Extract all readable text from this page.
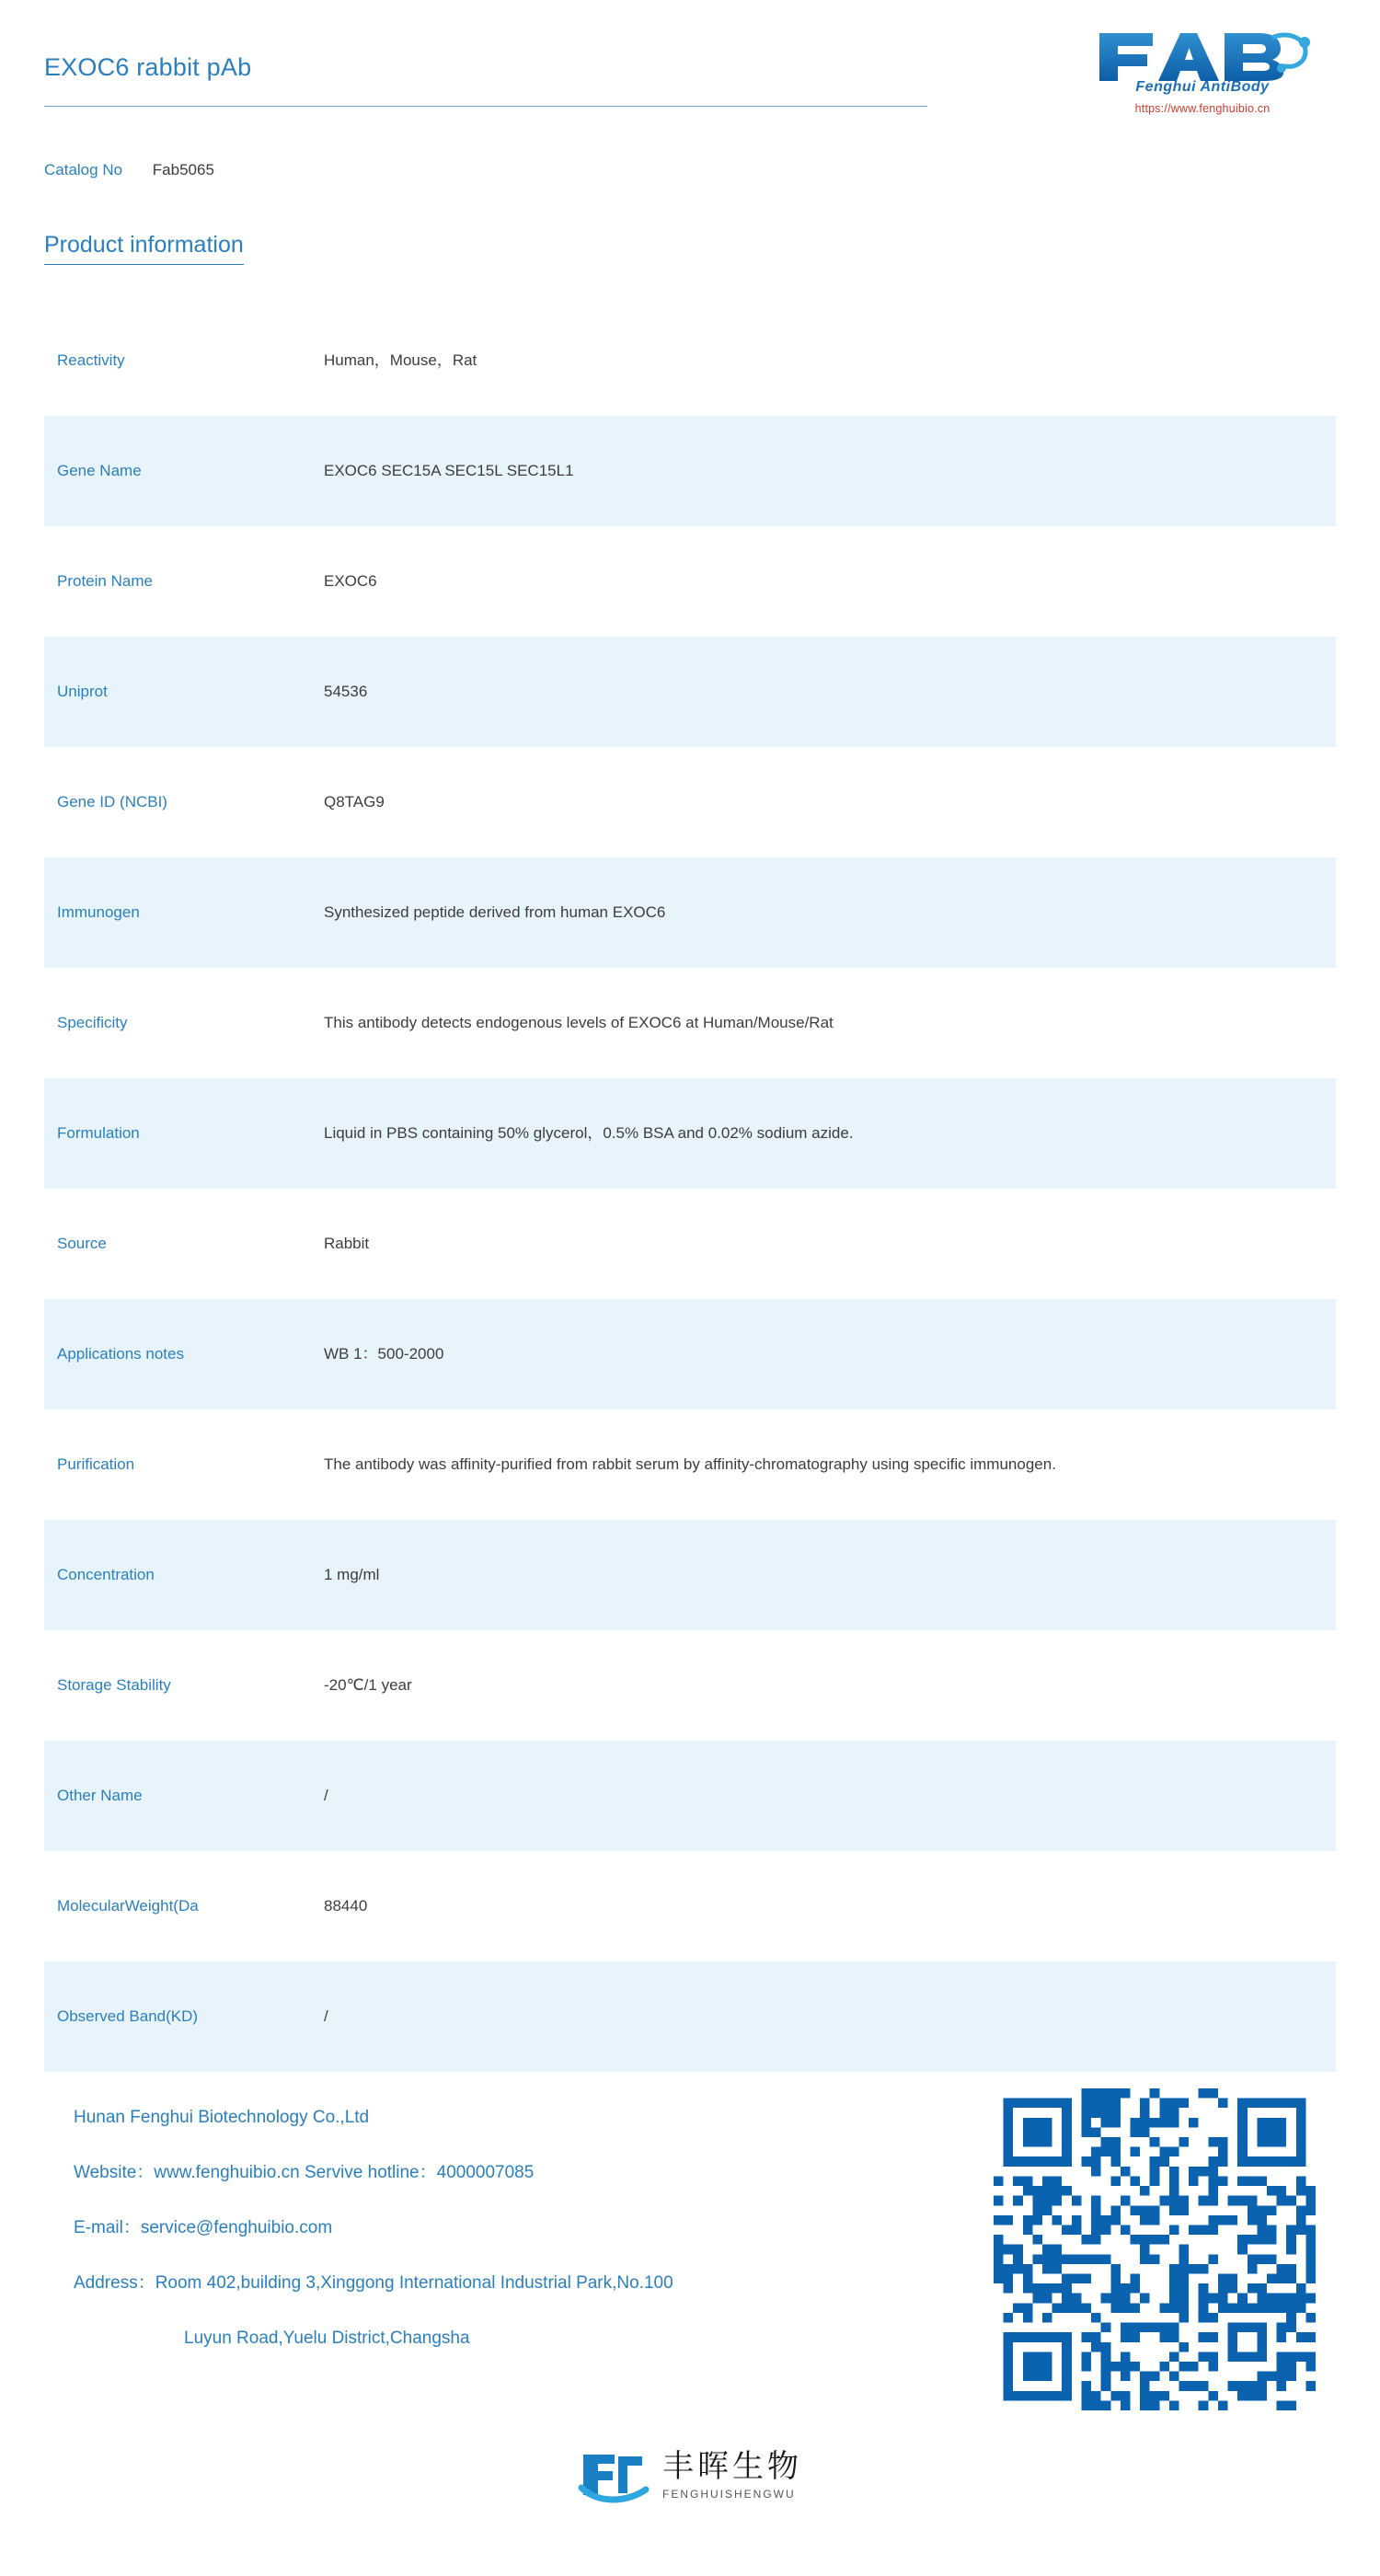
EXOC6 rabbit pAb
Fenghui AntiBody
https://www.fenghuibio.cn
Catalog No Fab5065
Product information
Reactivity	Human，Mouse，Rat
Gene Name	EXOC6 SEC15A SEC15L SEC15L1
Protein Name	EXOC6
Uniprot	54536
Gene ID (NCBI)	Q8TAG9
Immunogen	Synthesized peptide derived from human EXOC6
Specificity	This antibody detects endogenous levels of EXOC6 at Human/Mouse/Rat
Formulation	Liquid in PBS containing 50% glycerol，0.5% BSA and 0.02% sodium azide.
Source	Rabbit
Applications notes	WB 1：500-2000
Purification	The antibody was affinity-purified from rabbit serum by affinity-chromatography using specific immunogen.
Concentration	1 mg/ml
Storage Stability	-20℃/1 year
Other Name	/
MolecularWeight(Da	88440
Observed Band(KD)	/
Hunan Fenghui Biotechnology Co.,Ltd
Website：www.fenghuibio.cn Servive hotline：4000007085
E-mail：service@fenghuibio.com
Address：Room 402,building 3,Xinggong International Industrial Park,No.100
Luyun Road,Yuelu District,Changsha
丰晖生物
FENGHUISHENGWU
